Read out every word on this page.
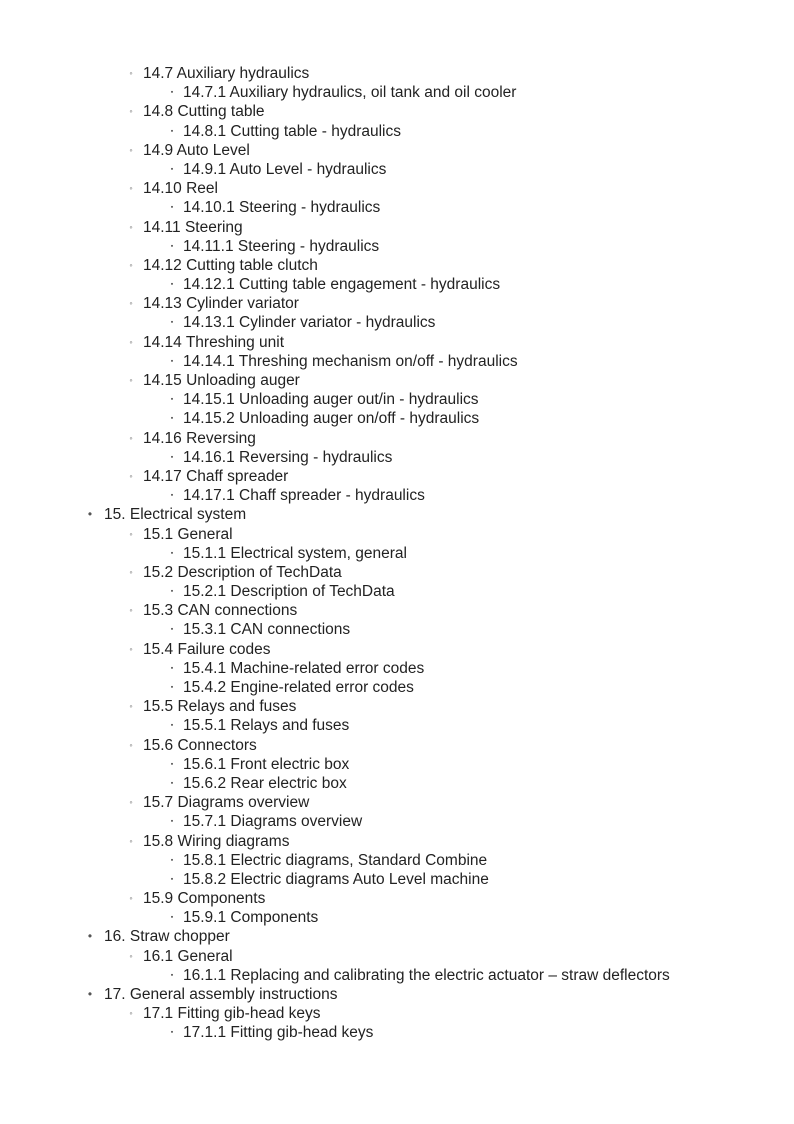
◦ 14.7 Auxiliary hydraulics
▪ 14.7.1 Auxiliary hydraulics, oil tank and oil cooler
◦ 14.8 Cutting table
▪ 14.8.1 Cutting table - hydraulics
◦ 14.9 Auto Level
▪ 14.9.1 Auto Level - hydraulics
◦ 14.10 Reel
▪ 14.10.1 Steering - hydraulics
◦ 14.11 Steering
▪ 14.11.1 Steering - hydraulics
◦ 14.12 Cutting table clutch
▪ 14.12.1 Cutting table engagement - hydraulics
◦ 14.13 Cylinder variator
▪ 14.13.1 Cylinder variator - hydraulics
◦ 14.14 Threshing unit
▪ 14.14.1 Threshing mechanism on/off - hydraulics
◦ 14.15 Unloading auger
▪ 14.15.1 Unloading auger out/in - hydraulics
▪ 14.15.2 Unloading auger on/off - hydraulics
◦ 14.16 Reversing
▪ 14.16.1 Reversing - hydraulics
◦ 14.17 Chaff spreader
▪ 14.17.1 Chaff spreader - hydraulics
• 15. Electrical system
◦ 15.1 General
▪ 15.1.1 Electrical system, general
◦ 15.2 Description of TechData
▪ 15.2.1 Description of TechData
◦ 15.3 CAN connections
▪ 15.3.1 CAN connections
◦ 15.4 Failure codes
▪ 15.4.1 Machine-related error codes
▪ 15.4.2 Engine-related error codes
◦ 15.5 Relays and fuses
▪ 15.5.1 Relays and fuses
◦ 15.6 Connectors
▪ 15.6.1 Front electric box
▪ 15.6.2 Rear electric box
◦ 15.7 Diagrams overview
▪ 15.7.1 Diagrams overview
◦ 15.8 Wiring diagrams
▪ 15.8.1 Electric diagrams, Standard Combine
▪ 15.8.2 Electric diagrams Auto Level machine
◦ 15.9 Components
▪ 15.9.1 Components
• 16. Straw chopper
◦ 16.1 General
▪ 16.1.1 Replacing and calibrating the electric actuator – straw deflectors
• 17. General assembly instructions
◦ 17.1 Fitting gib-head keys
▪ 17.1.1 Fitting gib-head keys
